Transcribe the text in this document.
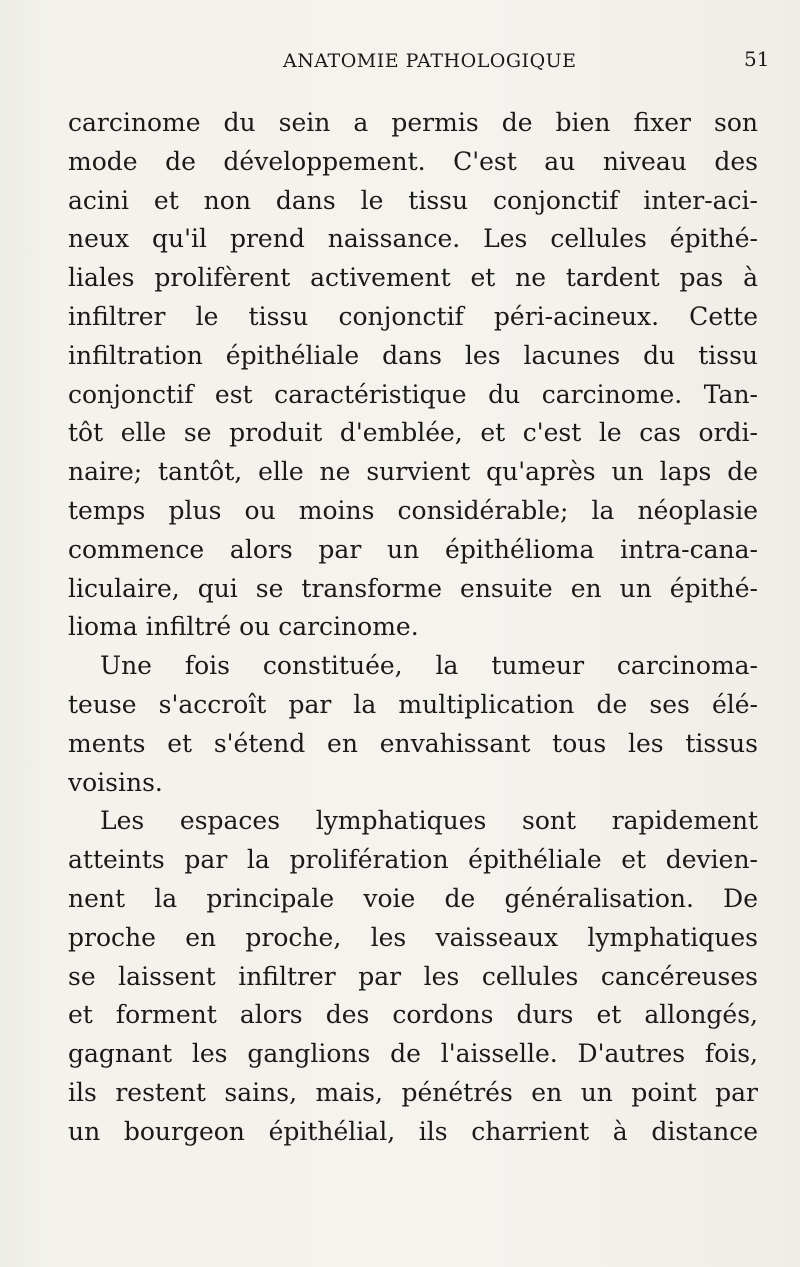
ANATOMIE PATHOLOGIQUE	51
carcinome du sein a permis de bien fixer son
mode de développement. C'est au niveau des
acini et non dans le tissu conjonctif inter-aci-
neux qu'il prend naissance. Les cellules épithé-
liales prolifèrent activement et ne tardent pas à
infiltrer le tissu conjonctif péri-acineux. Cette
infiltration épithéliale dans les lacunes du tissu
conjonctif est caractéristique du carcinome. Tan-
tôt elle se produit d'emblée, et c'est le cas ordi-
naire; tantôt, elle ne survient qu'après un laps de
temps plus ou moins considérable; la néoplasie
commence alors par un épithélioma intra-cana-
liculaire, qui se transforme ensuite en un épithé-
lioma infiltré ou carcinome.
Une fois constituée, la tumeur carcinoma-
teuse s'accroît par la multiplication de ses élé-
ments et s'étend en envahissant tous les tissus
voisins.
Les espaces lymphatiques sont rapidement
atteints par la prolifération épithéliale et devien-
nent la principale voie de généralisation. De
proche en proche, les vaisseaux lymphatiques
se laissent infiltrer par les cellules cancéreuses
et forment alors des cordons durs et allongés,
gagnant les ganglions de l'aisselle. D'autres fois,
ils restent sains, mais, pénétrés en un point par
un bourgeon épithélial, ils charrient à distance
